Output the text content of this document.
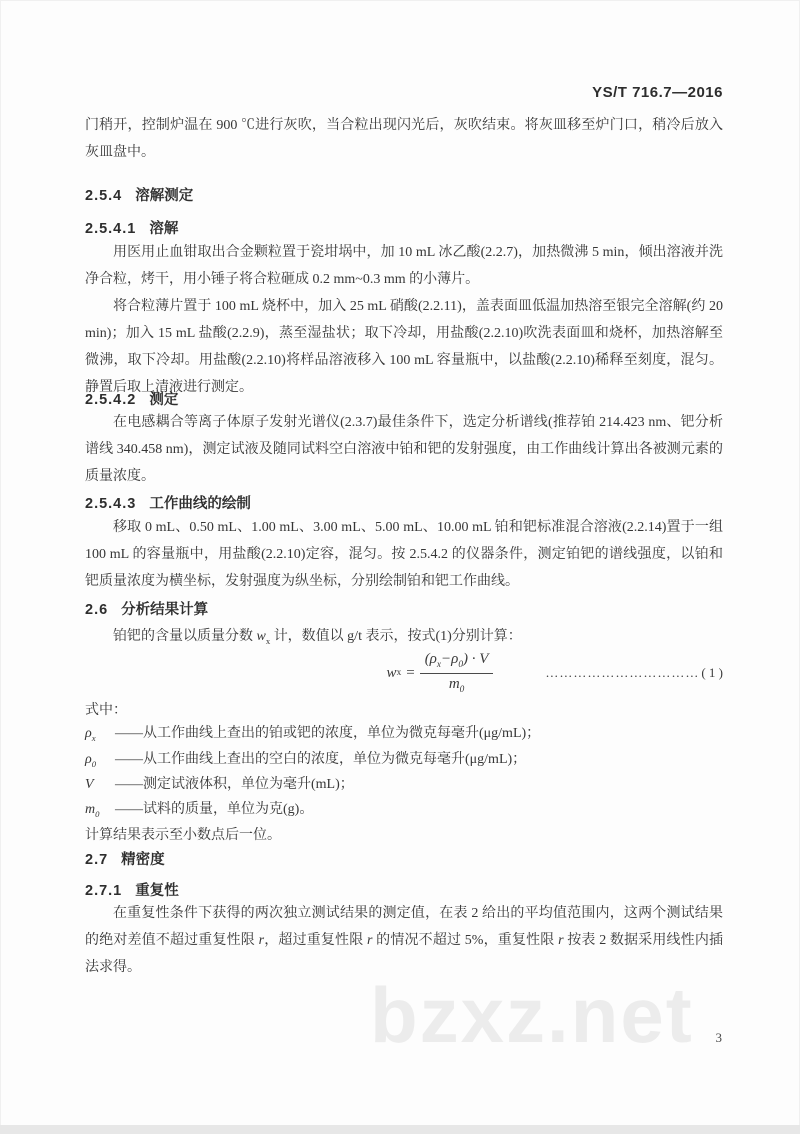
YS/T 716.7—2016
bzxz.net

门稍开，控制炉温在 900 ℃进行灰吹，当合粒出现闪光后，灰吹结束。将灰皿移至炉门口，稍冷后放入灰皿盘中。

2.5.4 溶解测定
2.5.4.1 溶解

用医用止血钳取出合金颗粒置于瓷坩埚中，加 10 mL 冰乙酸(2.2.7)，加热微沸 5 min，倾出溶液并洗净合粒，烤干，用小锤子将合粒砸成 0.2 mm~0.3 mm 的小薄片。

将合粒薄片置于 100 mL 烧杯中，加入 25 mL 硝酸(2.2.11)，盖表面皿低温加热溶至银完全溶解(约 20 min)；加入 15 mL 盐酸(2.2.9)，蒸至湿盐状；取下冷却，用盐酸(2.2.10)吹洗表面皿和烧杯，加热溶解至微沸，取下冷却。用盐酸(2.2.10)将样品溶液移入 100 mL 容量瓶中，以盐酸(2.2.10)稀释至刻度，混匀。静置后取上清液进行测定。

2.5.4.2 测定

在电感耦合等离子体原子发射光谱仪(2.3.7)最佳条件下，选定分析谱线(推荐铂 214.423 nm、钯分析谱线 340.458 nm)，测定试液及随同试料空白溶液中铂和钯的发射强度，由工作曲线计算出各被测元素的质量浓度。

2.5.4.3 工作曲线的绘制

移取 0 mL、0.50 mL、1.00 mL、3.00 mL、5.00 mL、10.00 mL 铂和钯标准混合溶液(2.2.14)置于一组 100 mL 的容量瓶中，用盐酸(2.2.10)定容，混匀。按 2.5.4.2 的仪器条件，测定铂钯的谱线强度，以铂和钯质量浓度为横坐标，发射强度为纵坐标，分别绘制铂和钯工作曲线。

2.6 分析结果计算

铂钯的含量以质量分数 $w_x$ 计，数值以 g/t 表示，按式(1)分别计算：

w $x = \frac{(\rho_x-\rho_0) \cdot V}{m_0}$	…………………………… ( 1 )

式中：

$\rho_x$	——从工作曲线上查出的铂或钯的浓度，单位为微克每毫升(μg/mL)；
$\rho_0$	——从工作曲线上查出的空白的浓度，单位为微克每毫升(μg/mL)；
V	——测定试液体积，单位为毫升(mL)；
$m_0$	——试料的质量，单位为克(g)。

计算结果表示至小数点后一位。

2.7 精密度
2.7.1 重复性

在重复性条件下获得的两次独立测试结果的测定值，在表 2 给出的平均值范围内，这两个测试结果的绝对差值不超过重复性限 r，超过重复性限 r 的情况不超过 5%，重复性限 r 按表 2 数据采用线性内插法求得。

3
